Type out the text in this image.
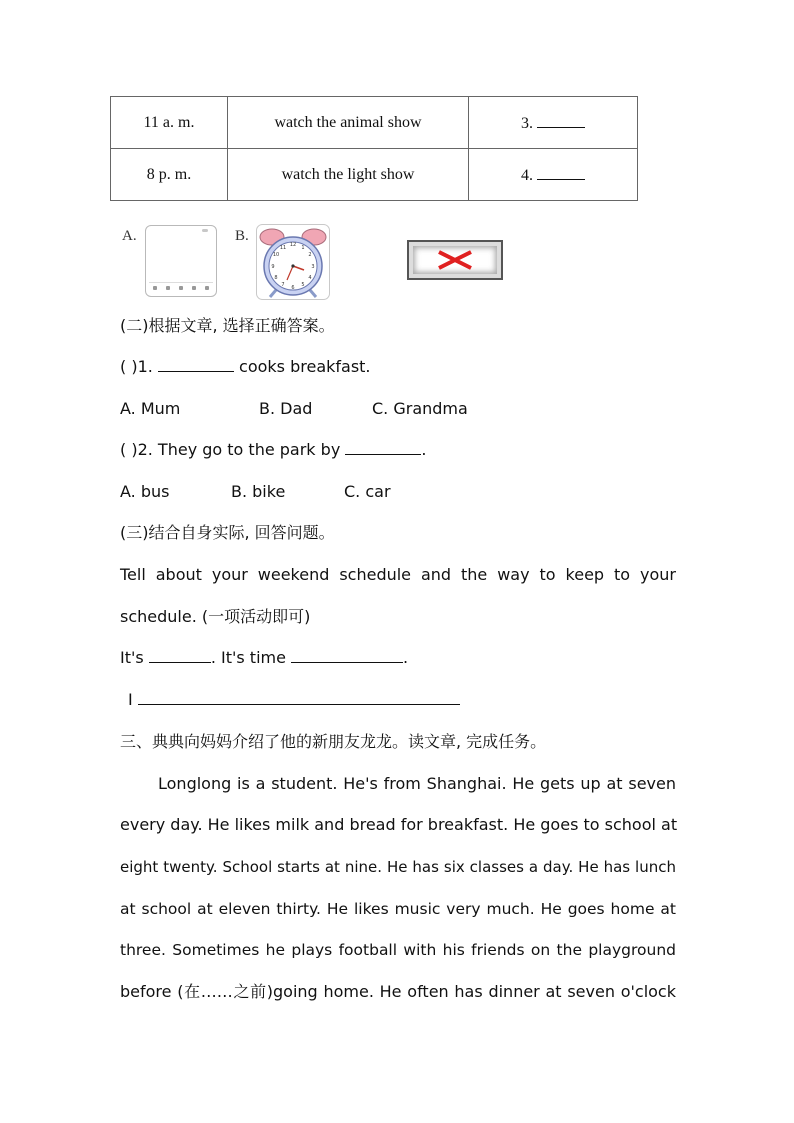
11 a. m.	watch the animal show	3.
8 p. m.	watch the light show	4.
A.	B.
12 1
2
3
4
5
6
7
8
9
10
11
(二)根据文章, 选择正确答案。
( )1.	cooks breakfast.
A. Mum	B. Dad	C. Grandma
( )2. They go to the park by	.
A. bus	B. bike	C. car
(三)结合自身实际, 回答问题。
Tell about your weekend schedule and the way to keep to your
schedule. (一项活动即可)
It's	. It's time	.
I
三、典典向妈妈介绍了他的新朋友龙龙。读文章, 完成任务。
Longlong is a student. He's from Shanghai. He gets up at seven
every day. He likes milk and bread for breakfast. He goes to school at
eight twenty. School starts at nine. He has six classes a day. He has lunch
at school at eleven thirty. He likes music very much. He goes home at
three. Sometimes he plays football with his friends on the playground
before (在……之前)going home. He often has dinner at seven o'clock
